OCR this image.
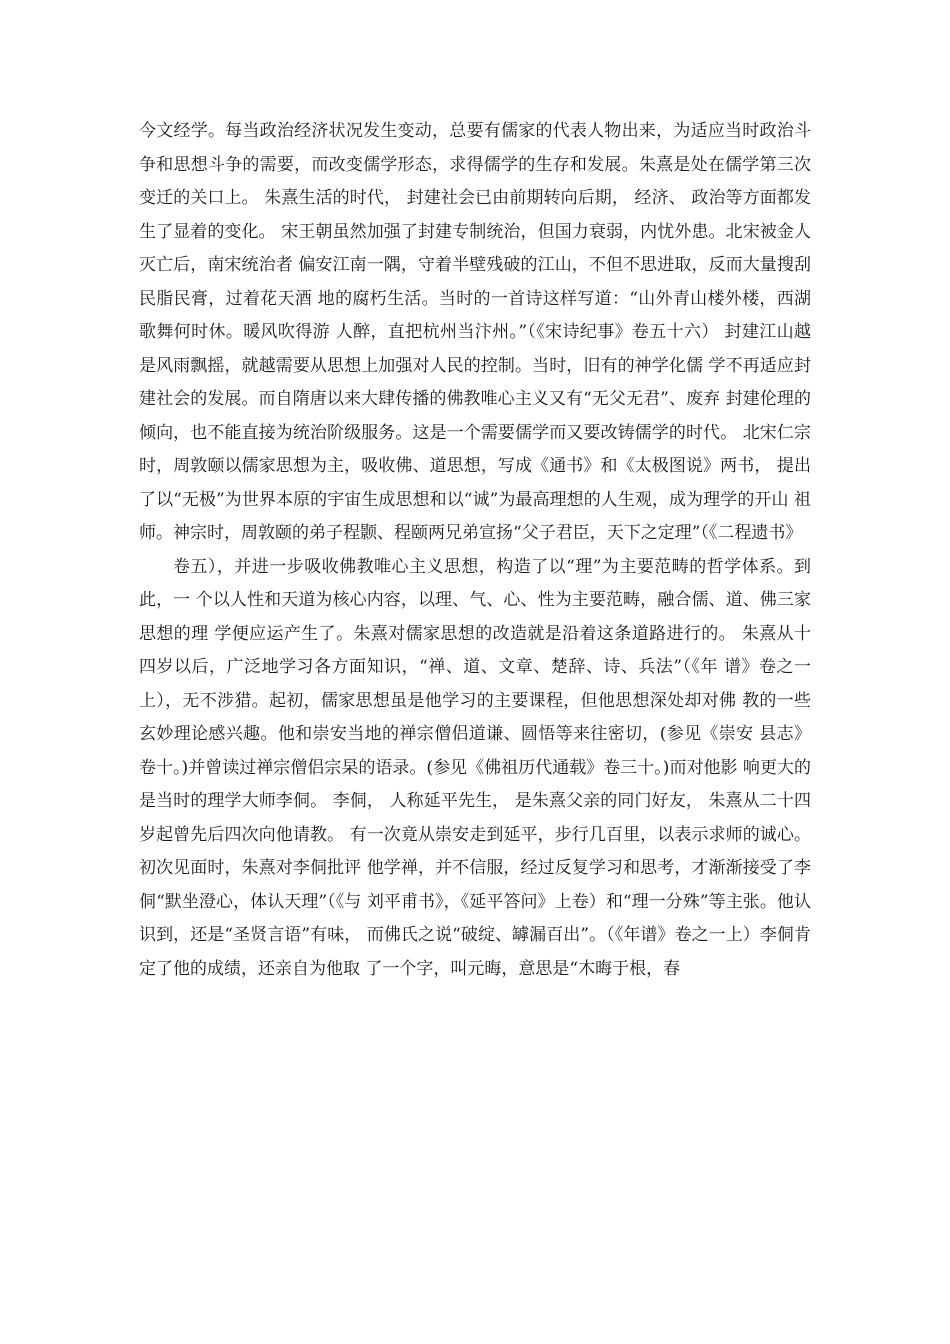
今文经学。每当政治经济状况发生变动，总要有儒家的代表人物出来，为适应当时政治斗争和思想斗争的需要，而改变儒学形态，求得儒学的生存和发展。朱熹是处在儒学第三次变迁的关口上。 朱熹生活的时代， 封建社会已由前期转向后期， 经济、 政治等方面都发生了显着的变化。 宋王朝虽然加强了封建专制统治，但国力衰弱，内忧外患。北宋被金人灭亡后，南宋统治者 偏安江南一隅，守着半壁残破的江山，不但不思进取，反而大量搜刮民脂民膏，过着花天酒 地的腐朽生活。当时的一首诗这样写道：“山外青山楼外楼，西湖歌舞何时休。暖风吹得游 人醉，直把杭州当汴州。”（《宋诗纪事》卷五十六） 封建江山越是风雨飘摇，就越需要从思想上加强对人民的控制。当时，旧有的神学化儒 学不再适应封建社会的发展。而自隋唐以来大肆传播的佛教唯心主义又有“无父无君”、废弃 封建伦理的倾向，也不能直接为统治阶级服务。这是一个需要儒学而又要改铸儒学的时代。 北宋仁宗时，周敦颐以儒家思想为主，吸收佛、道思想，写成《通书》和《太极图说》两书， 提出了以“无极”为世界本原的宇宙生成思想和以“诚”为最高理想的人生观，成为理学的开山 祖师。神宗时，周敦颐的弟子程颢、程颐两兄弟宣扬“父子君臣，天下之定理”（《二程遗书》

卷五），并进一步吸收佛教唯心主义思想，构造了以“理”为主要范畴的哲学体系。到此，一 个以人性和天道为核心内容，以理、气、心、性为主要范畴，融合儒、道、佛三家思想的理 学便应运产生了。朱熹对儒家思想的改造就是沿着这条道路进行的。 朱熹从十四岁以后，广泛地学习各方面知识，“禅、道、文章、楚辞、诗、兵法”（《年 谱》卷之一上），无不涉猎。起初，儒家思想虽是他学习的主要课程，但他思想深处却对佛 教的一些玄妙理论感兴趣。他和崇安当地的禅宗僧侣道谦、圆悟等来往密切，(参见《崇安 县志》卷十。)并曾读过禅宗僧侣宗杲的语录。(参见《佛祖历代通载》卷三十。)而对他影 响更大的是当时的理学大师李侗。 李侗， 人称延平先生， 是朱熹父亲的同门好友， 朱熹从二十四岁起曾先后四次向他请教。 有一次竟从崇安走到延平，步行几百里，以表示求师的诚心。初次见面时，朱熹对李侗批评 他学禅，并不信服，经过反复学习和思考，才渐渐接受了李侗“默坐澄心，体认天理”（《与 刘平甫书》，《延平答问》上卷）和“理一分殊”等主张。他认识到，还是“圣贤言语”有味， 而佛氏之说“破绽、罅漏百出”。（《年谱》卷之一上）李侗肯定了他的成绩，还亲自为他取 了一个字，叫元晦，意思是“木晦于根，春
